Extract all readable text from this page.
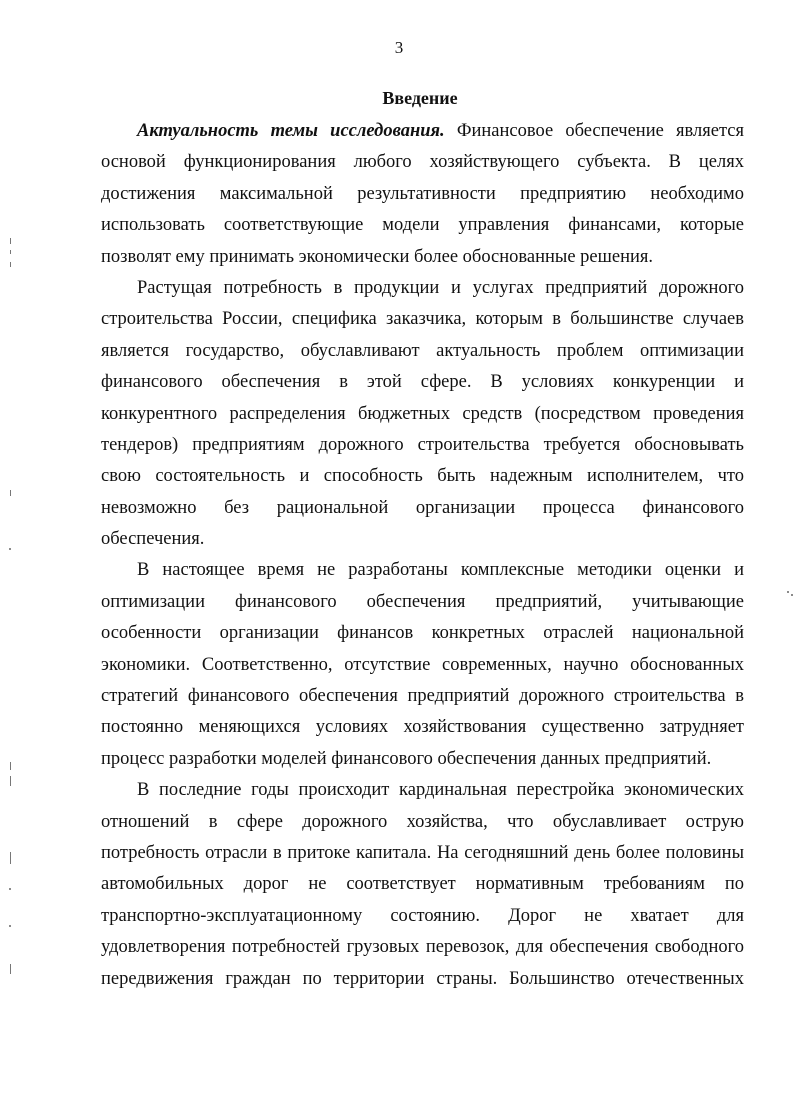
3
Введение
Актуальность темы исследования. Финансовое обеспечение является
основой функционирования любого хозяйствующего субъекта. В целях
достижения максимальной результативности предприятию необходимо
использовать соответствующие модели управления финансами, которые
позволят ему принимать экономически более обоснованные решения.
Растущая потребность в продукции и услугах предприятий дорожного
строительства России, специфика заказчика, которым в большинстве случаев
является государство, обуславливают актуальность проблем оптимизации
финансового обеспечения в этой сфере. В условиях конкуренции и
конкурентного распределения бюджетных средств (посредством проведения
тендеров) предприятиям дорожного строительства требуется обосновывать
свою состоятельность и способность быть надежным исполнителем, что
невозможно без рациональной организации процесса финансового
обеспечения.
В настоящее время не разработаны комплексные методики оценки и
оптимизации финансового обеспечения предприятий, учитывающие
особенности организации финансов конкретных отраслей национальной
экономики. Соответственно, отсутствие современных, научно обоснованных
стратегий финансового обеспечения предприятий дорожного строительства в
постоянно меняющихся условиях хозяйствования существенно затрудняет
процесс разработки моделей финансового обеспечения данных предприятий.
В последние годы происходит кардинальная перестройка экономических
отношений в сфере дорожного хозяйства, что обуславливает острую
потребность отрасли в притоке капитала. На сегодняшний день более половины
автомобильных дорог не соответствует нормативным требованиям по
транспортно-эксплуатационному состоянию. Дорог не хватает для
удовлетворения потребностей грузовых перевозок, для обеспечения свободного
передвижения граждан по территории страны. Большинство отечественных
